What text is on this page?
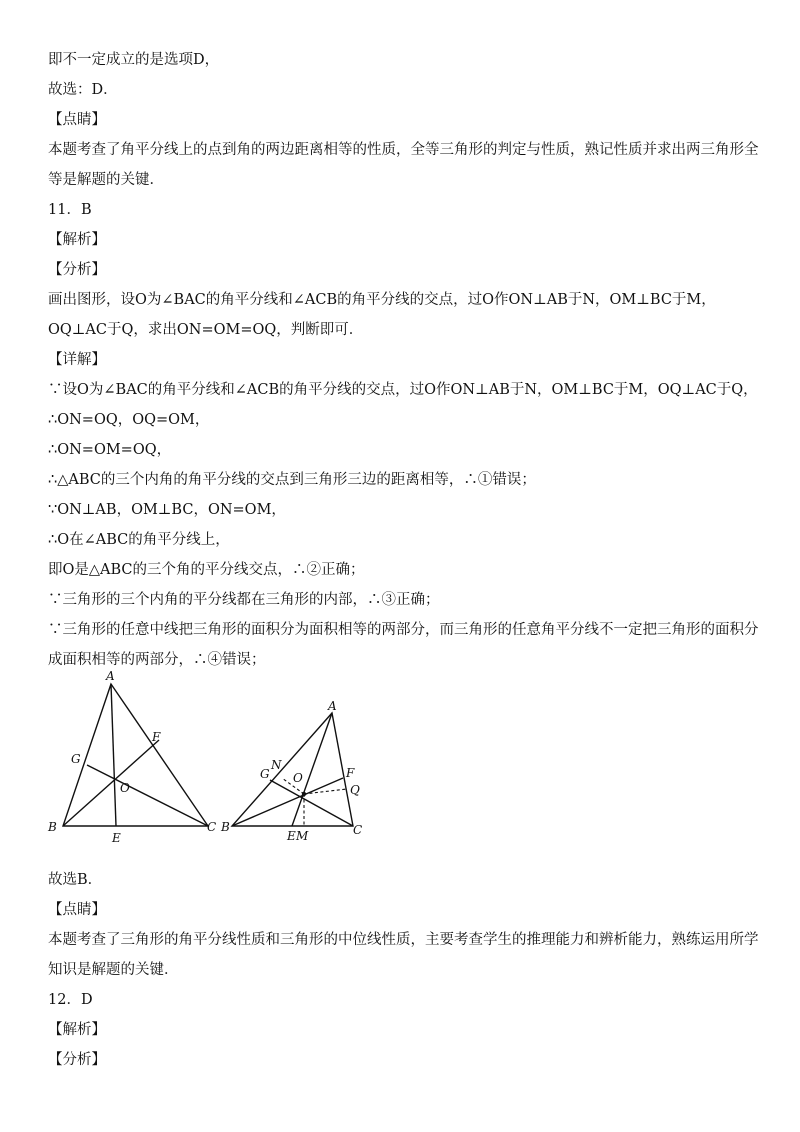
即不一定成立的是选项D，
故选：D．
【点睛】
本题考查了角平分线上的点到角的两边距离相等的性质，全等三角形的判定与性质，熟记性质并求出两三角形全
等是解题的关键．
11．B
【解析】
【分析】
画出图形，设O为∠BAC的角平分线和∠ACB的角平分线的交点，过O作ON⊥AB于N，OM⊥BC于M，
OQ⊥AC于Q，求出ON=OM=OQ，判断即可．
【详解】
∵设O为∠BAC的角平分线和∠ACB的角平分线的交点，过O作ON⊥AB于N，OM⊥BC于M，OQ⊥AC于Q，
∴ON=OQ，OQ=OM，
∴ON=OM=OQ，
∴△ABC的三个内角的角平分线的交点到三角形三边的距离相等，∴①错误；
∵ON⊥AB，OM⊥BC，ON=OM，
∴O在∠ABC的角平分线上，
即O是△ABC的三个角的平分线交点，∴②正确；
∵三角形的三个内角的平分线都在三角形的内部，∴③正确；
∵三角形的任意中线把三角形的面积分为面积相等的两部分，而三角形的任意角平分线不一定把三角形的面积分
成面积相等的两部分，∴④错误；
A
B	C
E
F
G
O
A
B	C
E M
F
G
N
O
Q
故选B．
【点睛】
本题考查了三角形的角平分线性质和三角形的中位线性质，主要考查学生的推理能力和辨析能力，熟练运用所学
知识是解题的关键．
12．D
【解析】
【分析】
